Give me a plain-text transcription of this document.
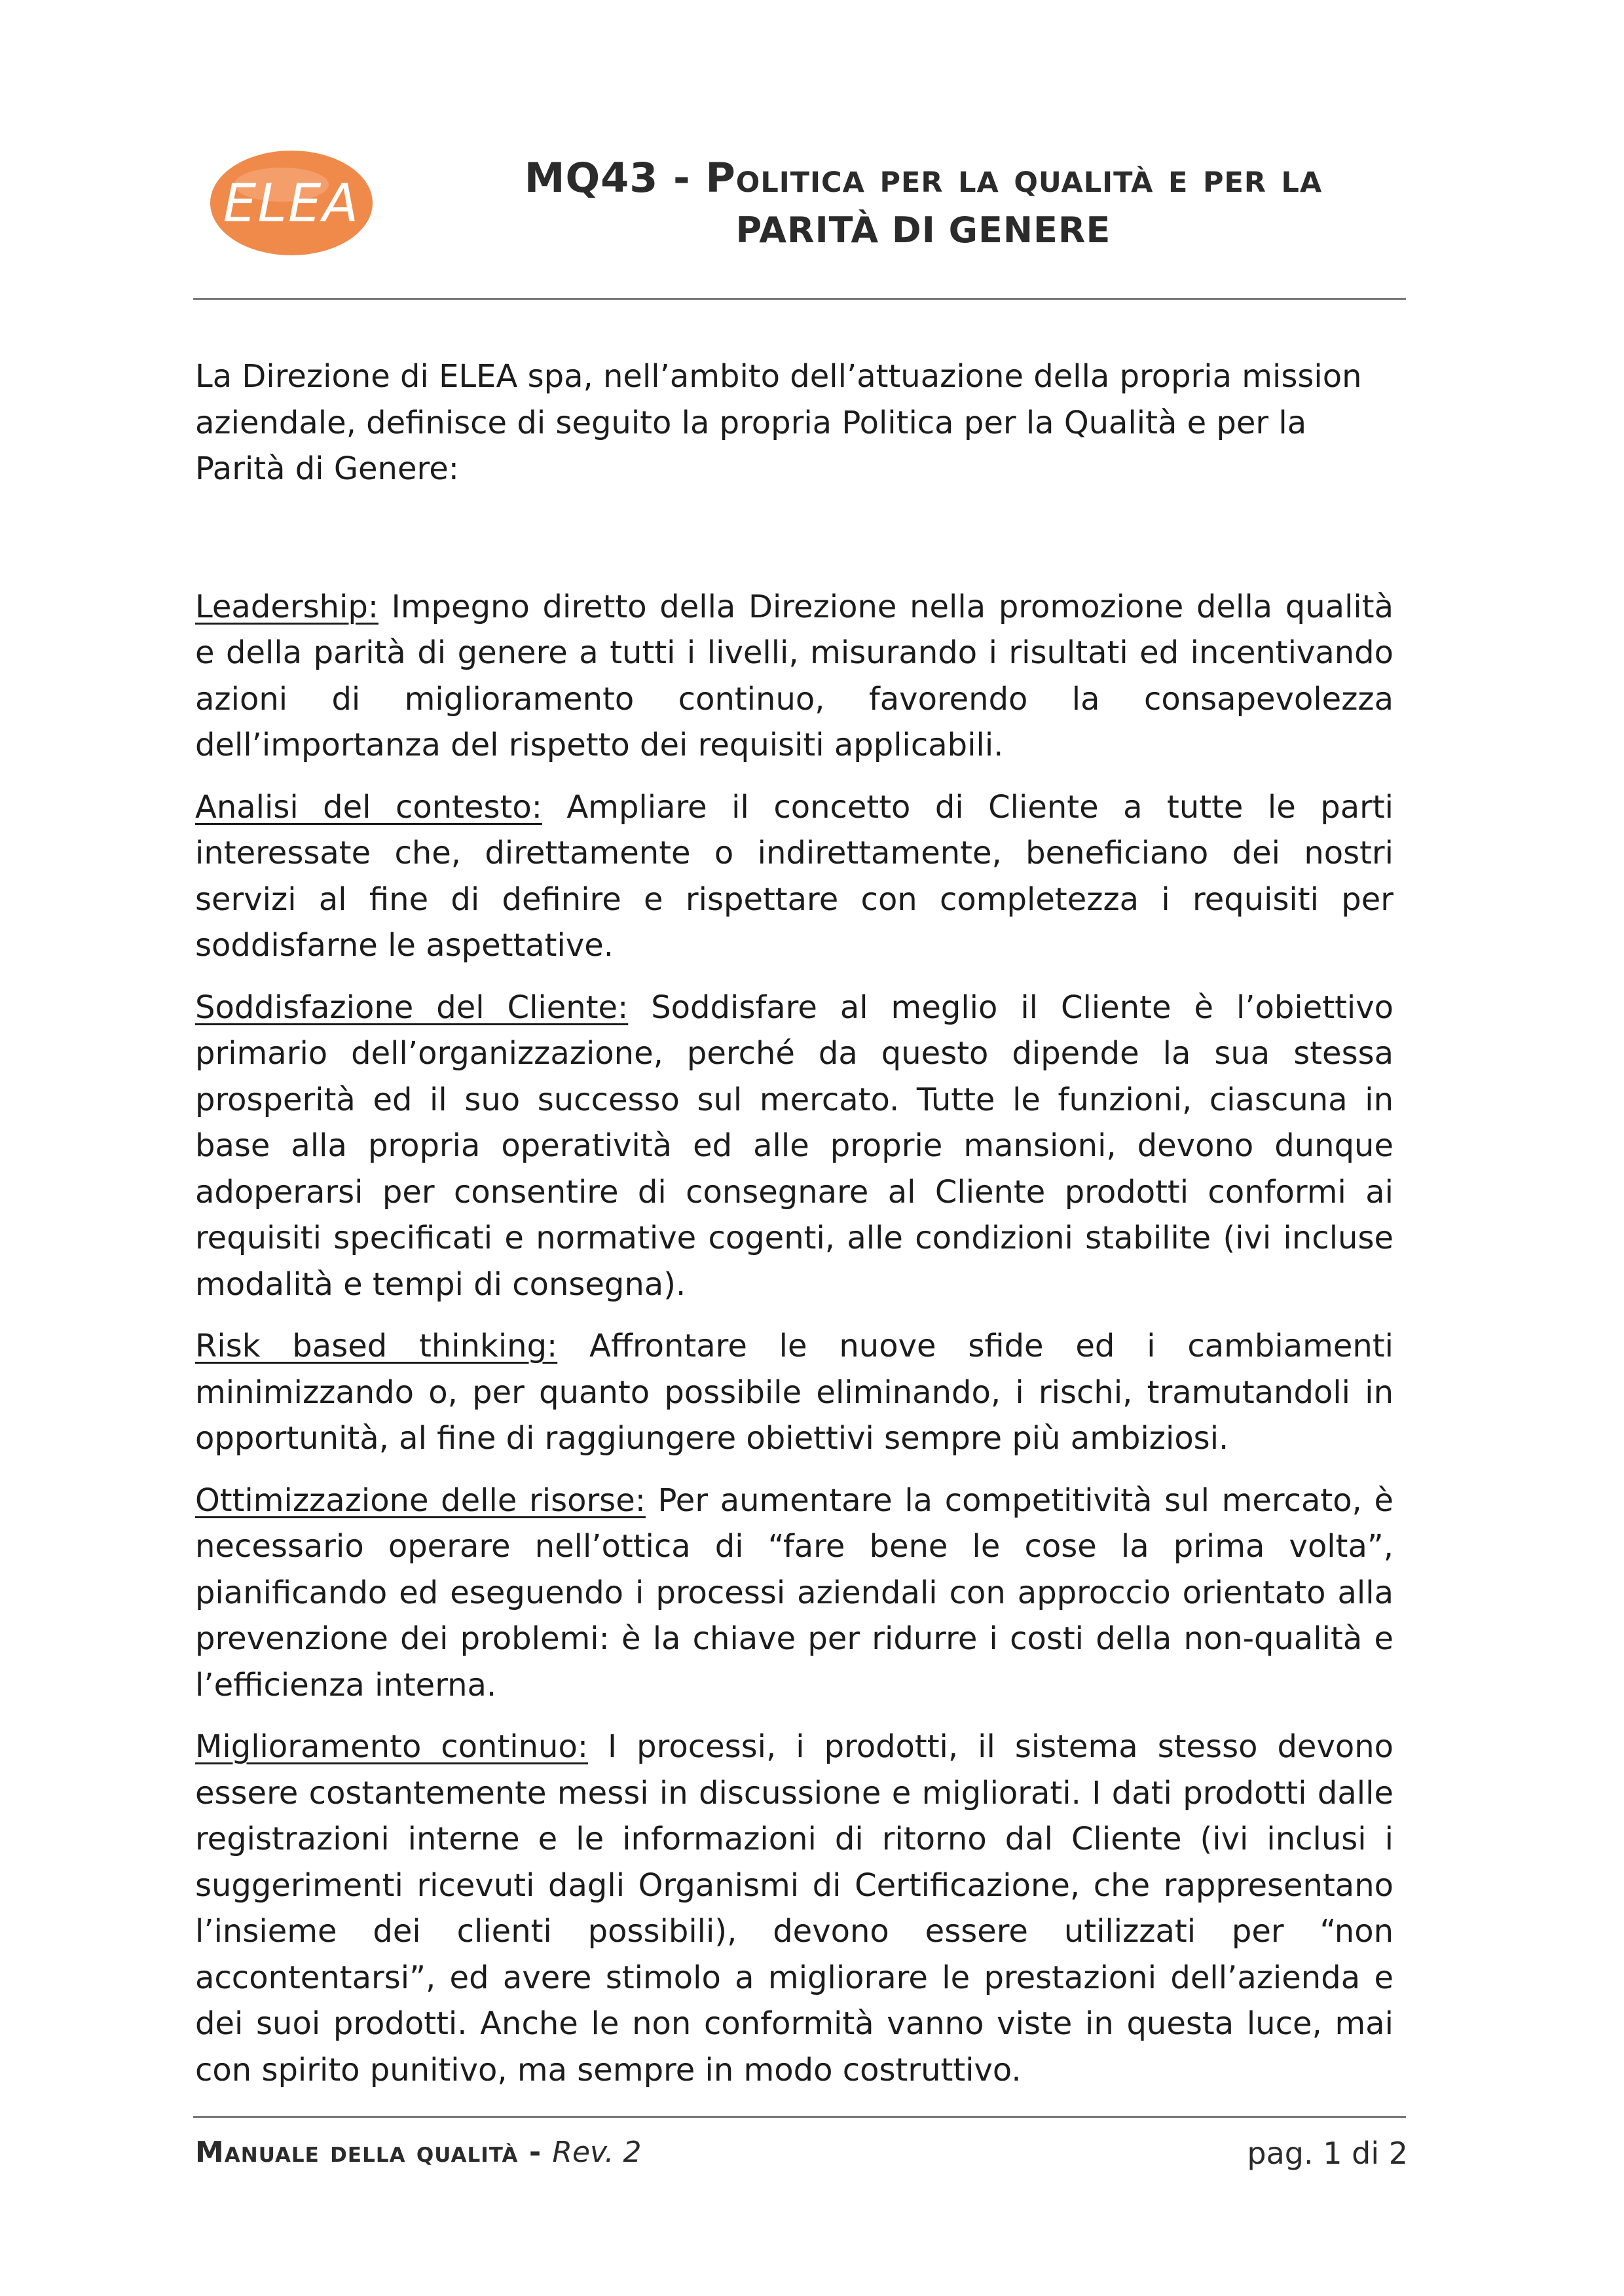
ELEA	MQ43 - Politica per la qualità e per la
PARITÀ DI GENERE

La Direzione di ELEA spa, nell’ambito dell’attuazione della propria mission aziendale, definisce di seguito la propria Politica per la Qualità e per la Parità di Genere:

Leadership: Impegno diretto della Direzione nella promozione della qualità e della parità di genere a tutti i livelli, misurando i risultati ed incentivando azioni di miglioramento continuo, favorendo la consapevolezza dell’importanza del rispetto dei requisiti applicabili.

Analisi del contesto: Ampliare il concetto di Cliente a tutte le parti interessate che, direttamente o indirettamente, beneficiano dei nostri servizi al fine di definire e rispettare con completezza i requisiti per soddisfarne le aspettative.

Soddisfazione del Cliente: Soddisfare al meglio il Cliente è l’obiettivo primario dell’organizzazione, perché da questo dipende la sua stessa prosperità ed il suo successo sul mercato. Tutte le funzioni, ciascuna in base alla propria operatività ed alle proprie mansioni, devono dunque adoperarsi per consentire di consegnare al Cliente prodotti conformi ai requisiti specificati e normative cogenti, alle condizioni stabilite (ivi incluse modalità e tempi di consegna).

Risk based thinking: Affrontare le nuove sfide ed i cambiamenti minimizzando o, per quanto possibile eliminando, i rischi, tramutandoli in opportunità, al fine di raggiungere obiettivi sempre più ambiziosi.

Ottimizzazione delle risorse: Per aumentare la competitività sul mercato, è necessario operare nell’ottica di “fare bene le cose la prima volta”, pianificando ed eseguendo i processi aziendali con approccio orientato alla prevenzione dei problemi: è la chiave per ridurre i costi della non-qualità e l’efficienza interna.

Miglioramento continuo: I processi, i prodotti, il sistema stesso devono essere costantemente messi in discussione e migliorati. I dati prodotti dalle registrazioni interne e le informazioni di ritorno dal Cliente (ivi inclusi i suggerimenti ricevuti dagli Organismi di Certificazione, che rappresentano l’insieme dei clienti possibili), devono essere utilizzati per “non accontentarsi”, ed avere stimolo a migliorare le prestazioni dell’azienda e dei suoi prodotti. Anche le non conformità vanno viste in questa luce, mai con spirito punitivo, ma sempre in modo costruttivo.

Manuale della qualità - Rev. 2	pag. 1 di 2
